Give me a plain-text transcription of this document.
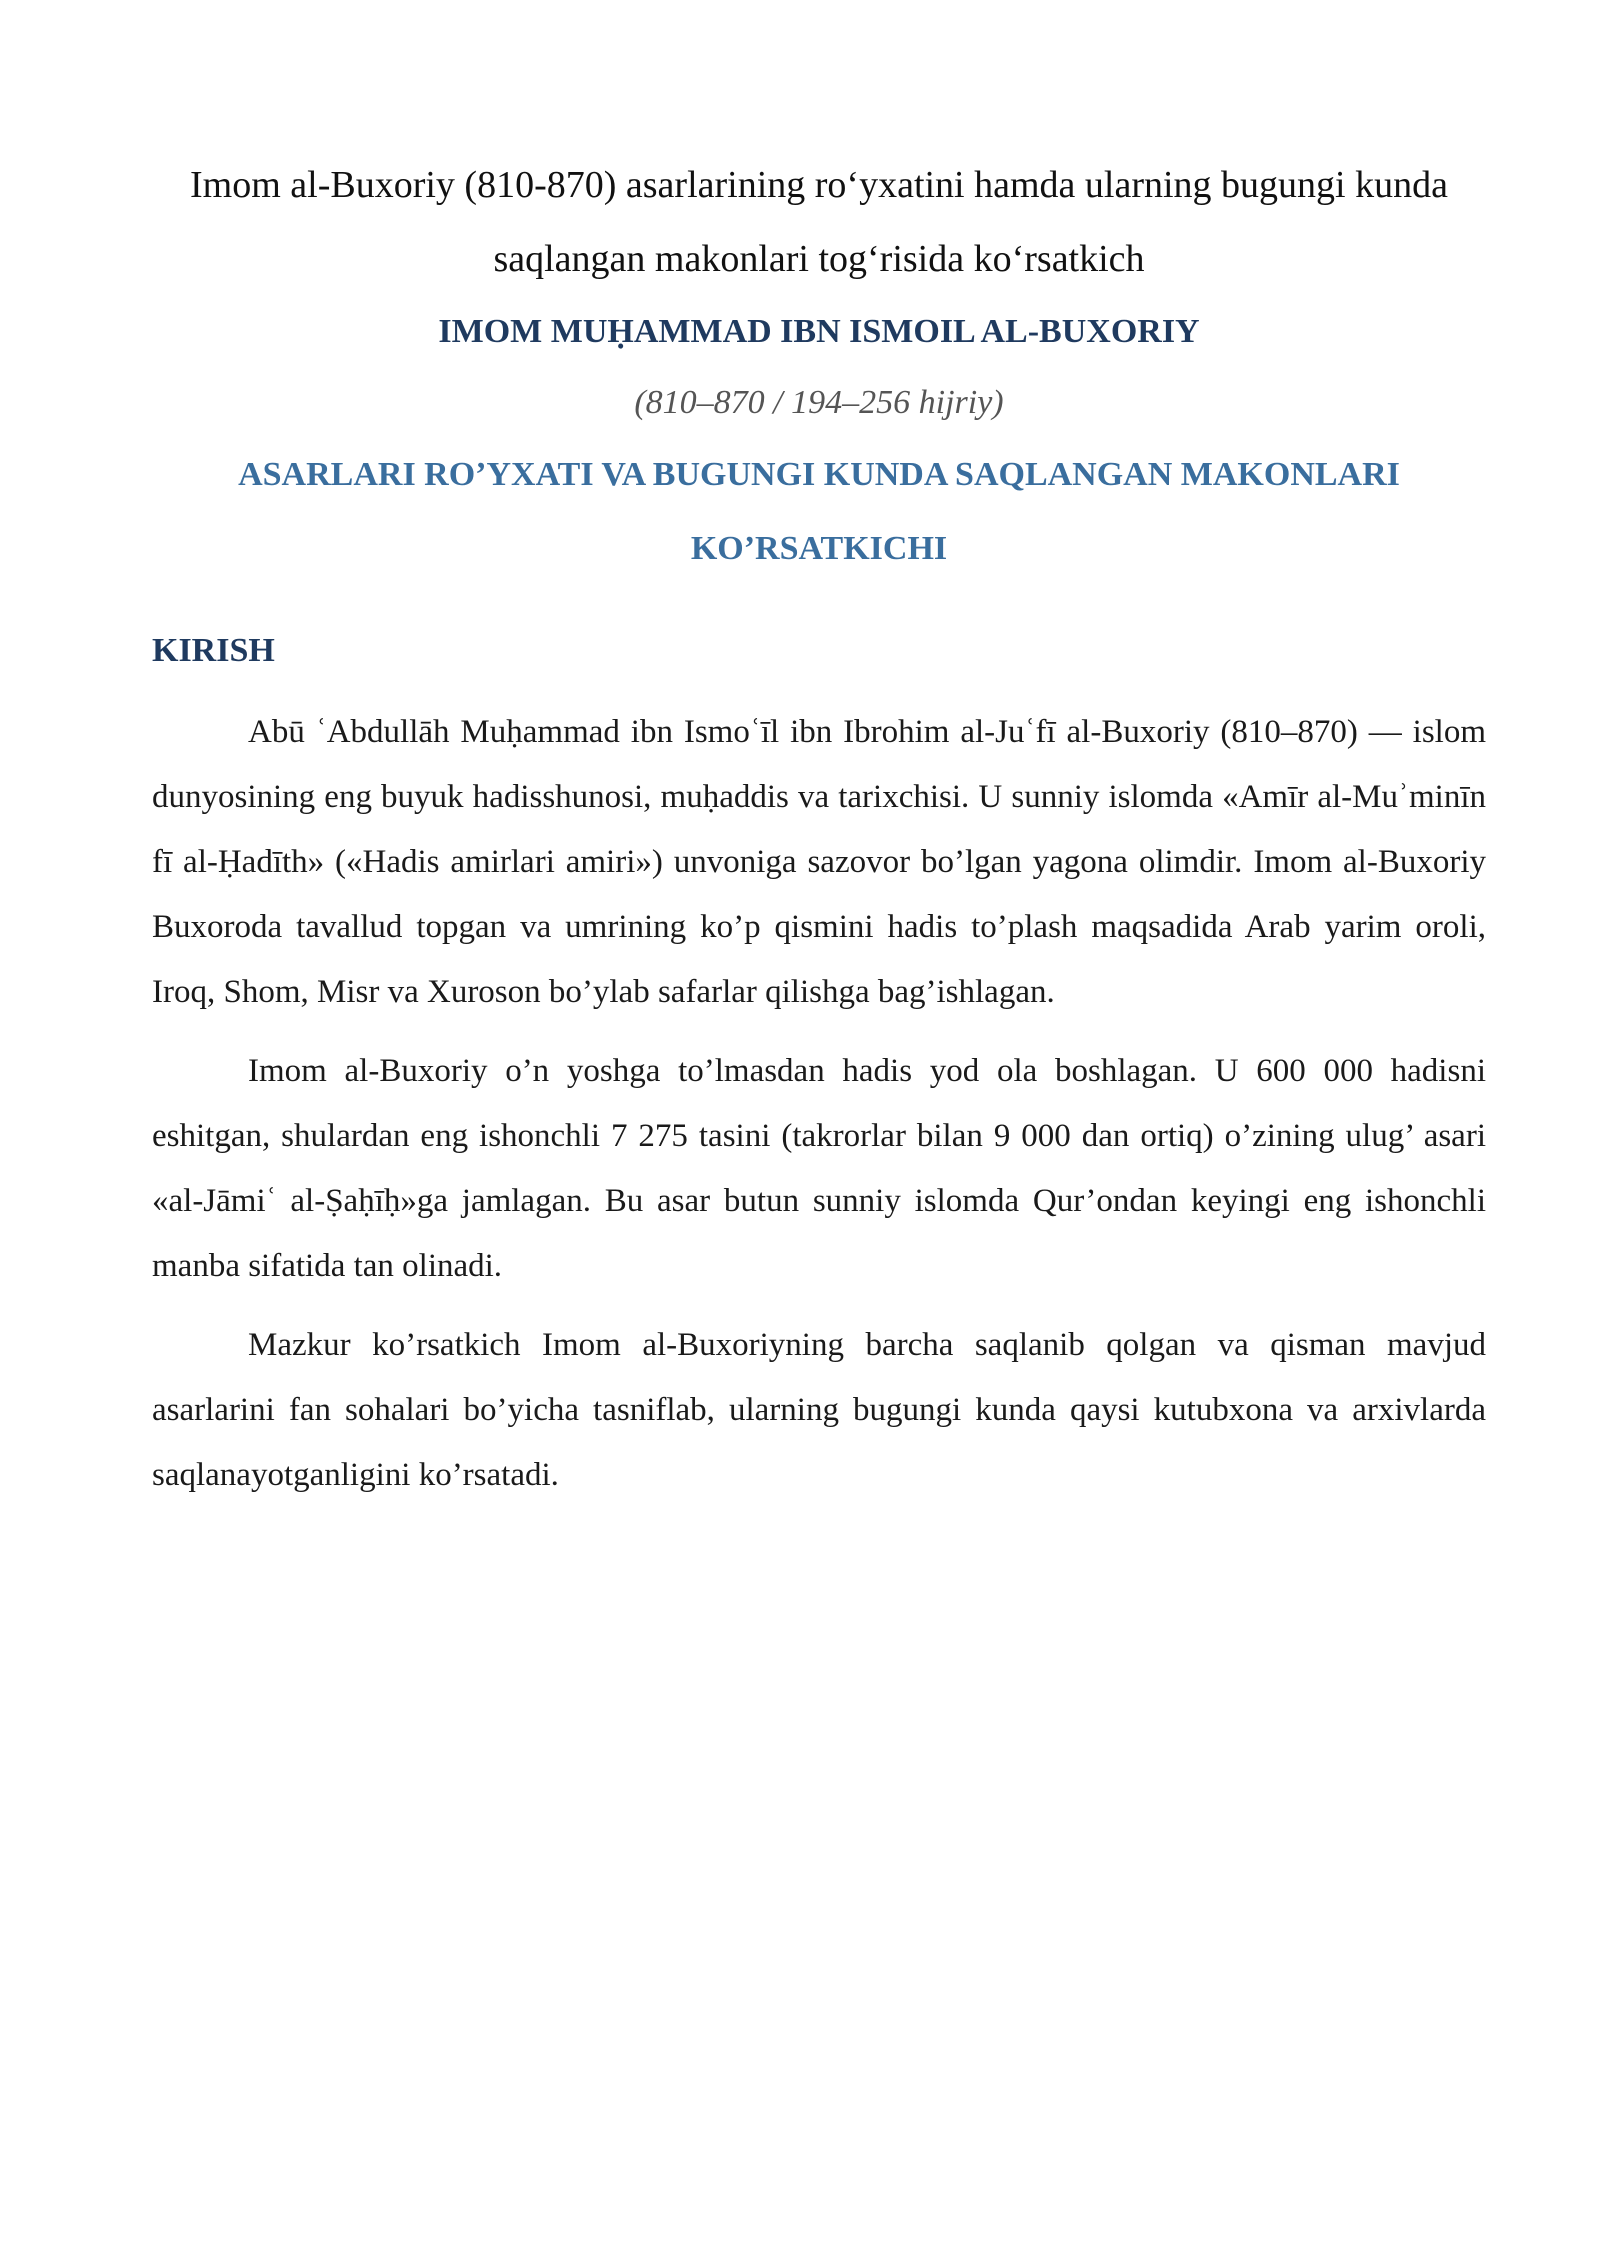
Imom al-Buxoriy (810-870) asarlarining ro‘yxatini hamda ularning bugungi kunda saqlangan makonlari tog‘risida ko‘rsatkich
IMOM MUḤAMMAD IBN ISMOIL AL-BUXORIY

(810–870 / 194–256 hijriy)

ASARLARI RO’YXATI VA BUGUNGI KUNDA SAQLANGAN MAKONLARI KO’RSATKICHI
KIRISH

Abū ʿAbdullāh Muḥammad ibn Ismoʿīl ibn Ibrohim al-Juʿfī al-Buxoriy (810–870) — islom dunyosining eng buyuk hadisshunosi, muḥaddis va tarixchisi. U sunniy islomda «Amīr al-Muʾminīn fī al-Ḥadīth» («Hadis amirlari amiri») unvoniga sazovor bo’lgan yagona olimdir. Imom al-Buxoriy Buxoroda tavallud topgan va umrining ko’p qismini hadis to’plash maqsadida Arab yarim oroli, Iroq, Shom, Misr va Xuroson bo’ylab safarlar qilishga bag’ishlagan.

Imom al-Buxoriy o’n yoshga to’lmasdan hadis yod ola boshlagan. U 600 000 hadisni eshitgan, shulardan eng ishonchli 7 275 tasini (takrorlar bilan 9 000 dan ortiq) o’zining ulug’ asari «al-Jāmiʿ al-Ṣaḥīḥ»ga jamlagan. Bu asar butun sunniy islomda Qur’ondan keyingi eng ishonchli manba sifatida tan olinadi.

Mazkur ko’rsatkich Imom al-Buxoriyning barcha saqlanib qolgan va qisman mavjud asarlarini fan sohalari bo’yicha tasniflab, ularning bugungi kunda qaysi kutubxona va arxivlarda saqlanayotganligini ko’rsatadi.
